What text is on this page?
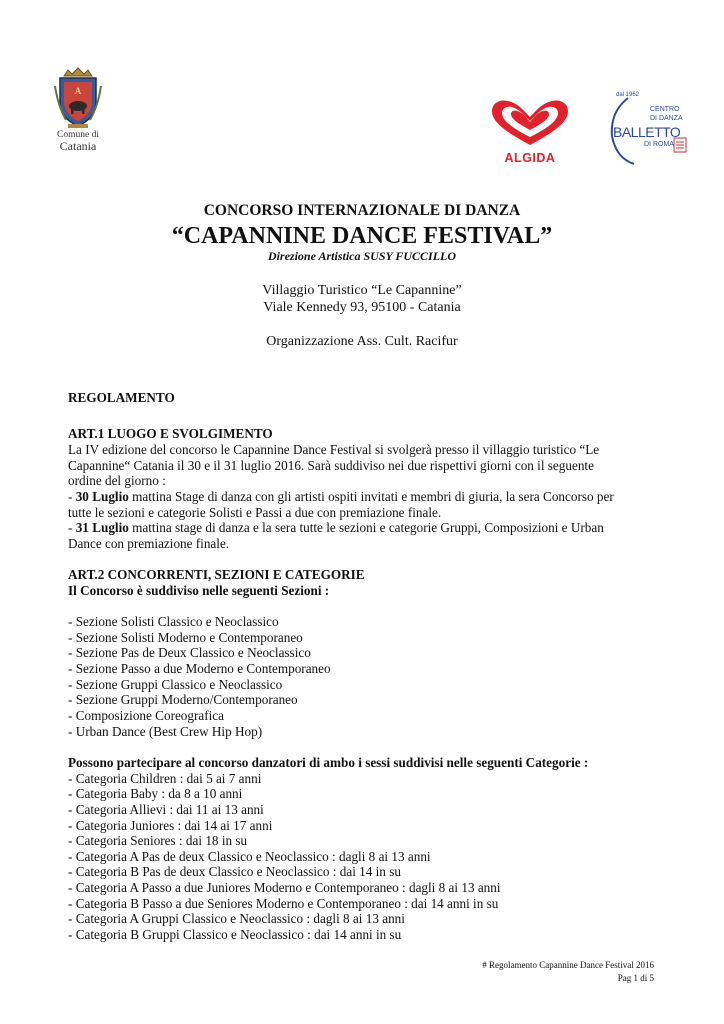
A
Comune di
Catania
ALGIDA
dal 1962
CENTRO
DI DANZA
BALLETTO
DI ROMA
CONCORSO INTERNAZIONALE DI DANZA
“CAPANNINE DANCE FESTIVAL”
Direzione Artistica SUSY FUCCILLO
Villaggio Turistico “Le Capannine”
Viale Kennedy 93, 95100 - Catania
Organizzazione Ass. Cult. Racifur
REGOLAMENTO
ART.1 LUOGO E SVOLGIMENTO
La IV edizione del concorso le Capannine Dance Festival si svolgerà presso il villaggio turistico “Le
Capannine“ Catania il 30 e il 31 luglio 2016. Sarà suddiviso nei due rispettivi giorni con il seguente
ordine del giorno :
- 30 Luglio mattina Stage di danza con gli artisti ospiti invitati e membri di giuria, la sera Concorso per
tutte le sezioni e categorie Solisti e Passi a due con premiazione finale.
- 31 Luglio mattina stage di danza e la sera tutte le sezioni e categorie Gruppi, Composizioni e Urban
Dance con premiazione finale.
ART.2 CONCORRENTI, SEZIONI E CATEGORIE
Il Concorso è suddiviso nelle seguenti Sezioni :
- Sezione Solisti Classico e Neoclassico
- Sezione Solisti Moderno e Contemporaneo
- Sezione Pas de Deux Classico e Neoclassico
- Sezione Passo a due Moderno e Contemporaneo
- Sezione Gruppi Classico e Neoclassico
- Sezione Gruppi Moderno/Contemporaneo
- Composizione Coreografica
- Urban Dance (Best Crew Hip Hop)
Possono partecipare al concorso danzatori di ambo i sessi suddivisi nelle seguenti Categorie :
- Categoria Children : dai 5 ai 7 anni
- Categoria Baby : da 8 a 10 anni
- Categoria Allievi : dai 11 ai 13 anni
- Categoria Juniores : dai 14 ai 17 anni
- Categoria Seniores : dai 18 in su
- Categoria A Pas de deux Classico e Neoclassico : dagli 8 ai 13 anni
- Categoria B Pas de deux Classico e Neoclassico : dai 14 in su
- Categoria A Passo a due Juniores Moderno e Contemporaneo : dagli 8 ai 13 anni
- Categoria B Passo a due Seniores Moderno e Contemporaneo : dai 14 anni in su
- Categoria A Gruppi Classico e Neoclassico : dagli 8 ai 13 anni
- Categoria B Gruppi Classico e Neoclassico : dai 14 anni in su
# Regolamento Capannine Dance Festival 2016
Pag 1 di 5
